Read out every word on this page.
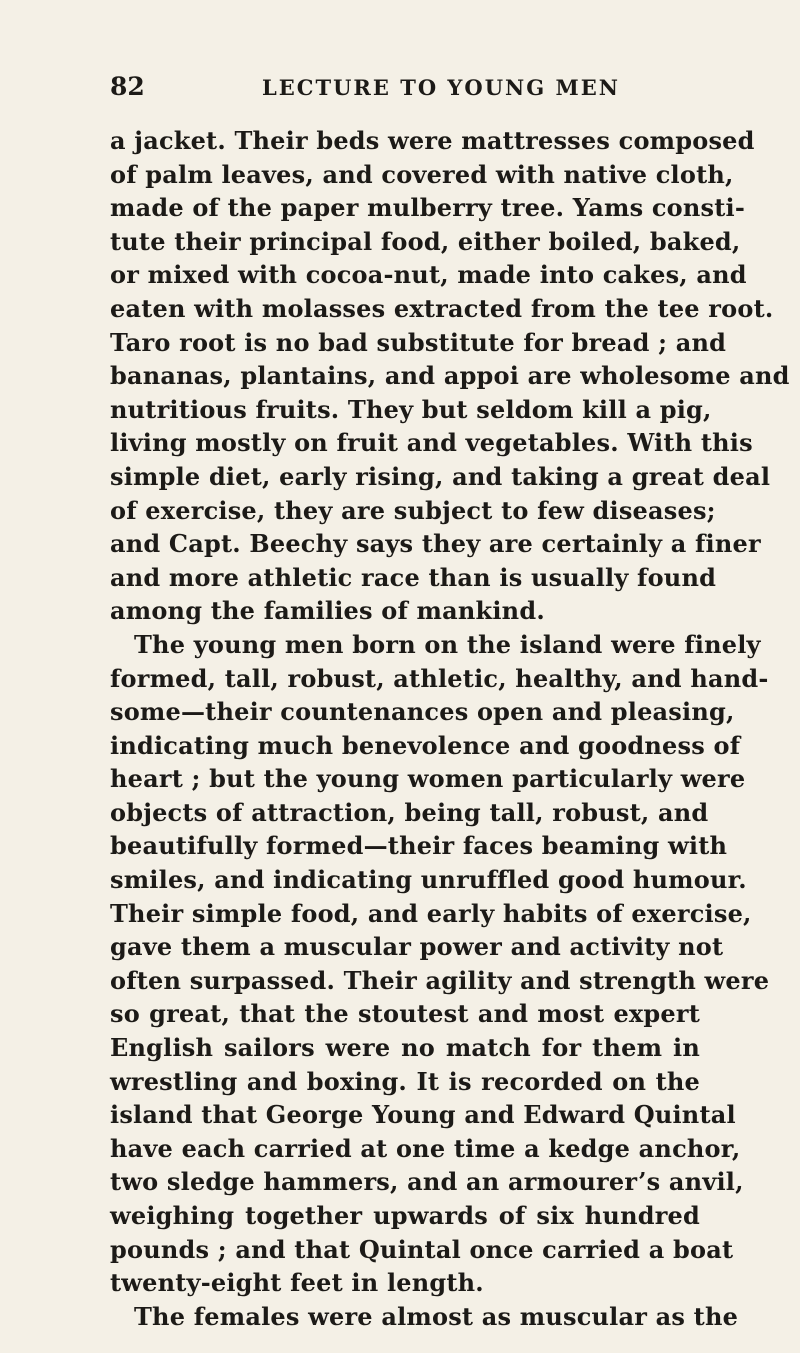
82	LECTURE TO YOUNG MEN
a jacket. Their beds were mattresses composed
of palm leaves, and covered with native cloth,
made of the paper mulberry tree. Yams consti-
tute their principal food, either boiled, baked,
or mixed with cocoa-nut, made into cakes, and
eaten with molasses extracted from the tee root.
Taro root is no bad substitute for bread ; and
bananas, plantains, and appoi are wholesome and
nutritious fruits. They but seldom kill a pig,
living mostly on fruit and vegetables. With this
simple diet, early rising, and taking a great deal
of exercise, they are subject to few diseases;
and Capt. Beechy says they are certainly a finer
and more athletic race than is usually found
among the families of mankind.
The young men born on the island were finely
formed, tall, robust, athletic, healthy, and hand-
some—their countenances open and pleasing,
indicating much benevolence and goodness of
heart ; but the young women particularly were
objects of attraction, being tall, robust, and
beautifully formed—their faces beaming with
smiles, and indicating unruffled good humour.
Their simple food, and early habits of exercise,
gave them a muscular power and activity not
often surpassed. Their agility and strength were
so great, that the stoutest and most expert
English sailors were no match for them in
wrestling and boxing. It is recorded on the
island that George Young and Edward Quintal
have each carried at one time a kedge anchor,
two sledge hammers, and an armourer’s anvil,
weighing together upwards of six hundred
pounds ; and that Quintal once carried a boat
twenty-eight feet in length.
The females were almost as muscular as the
